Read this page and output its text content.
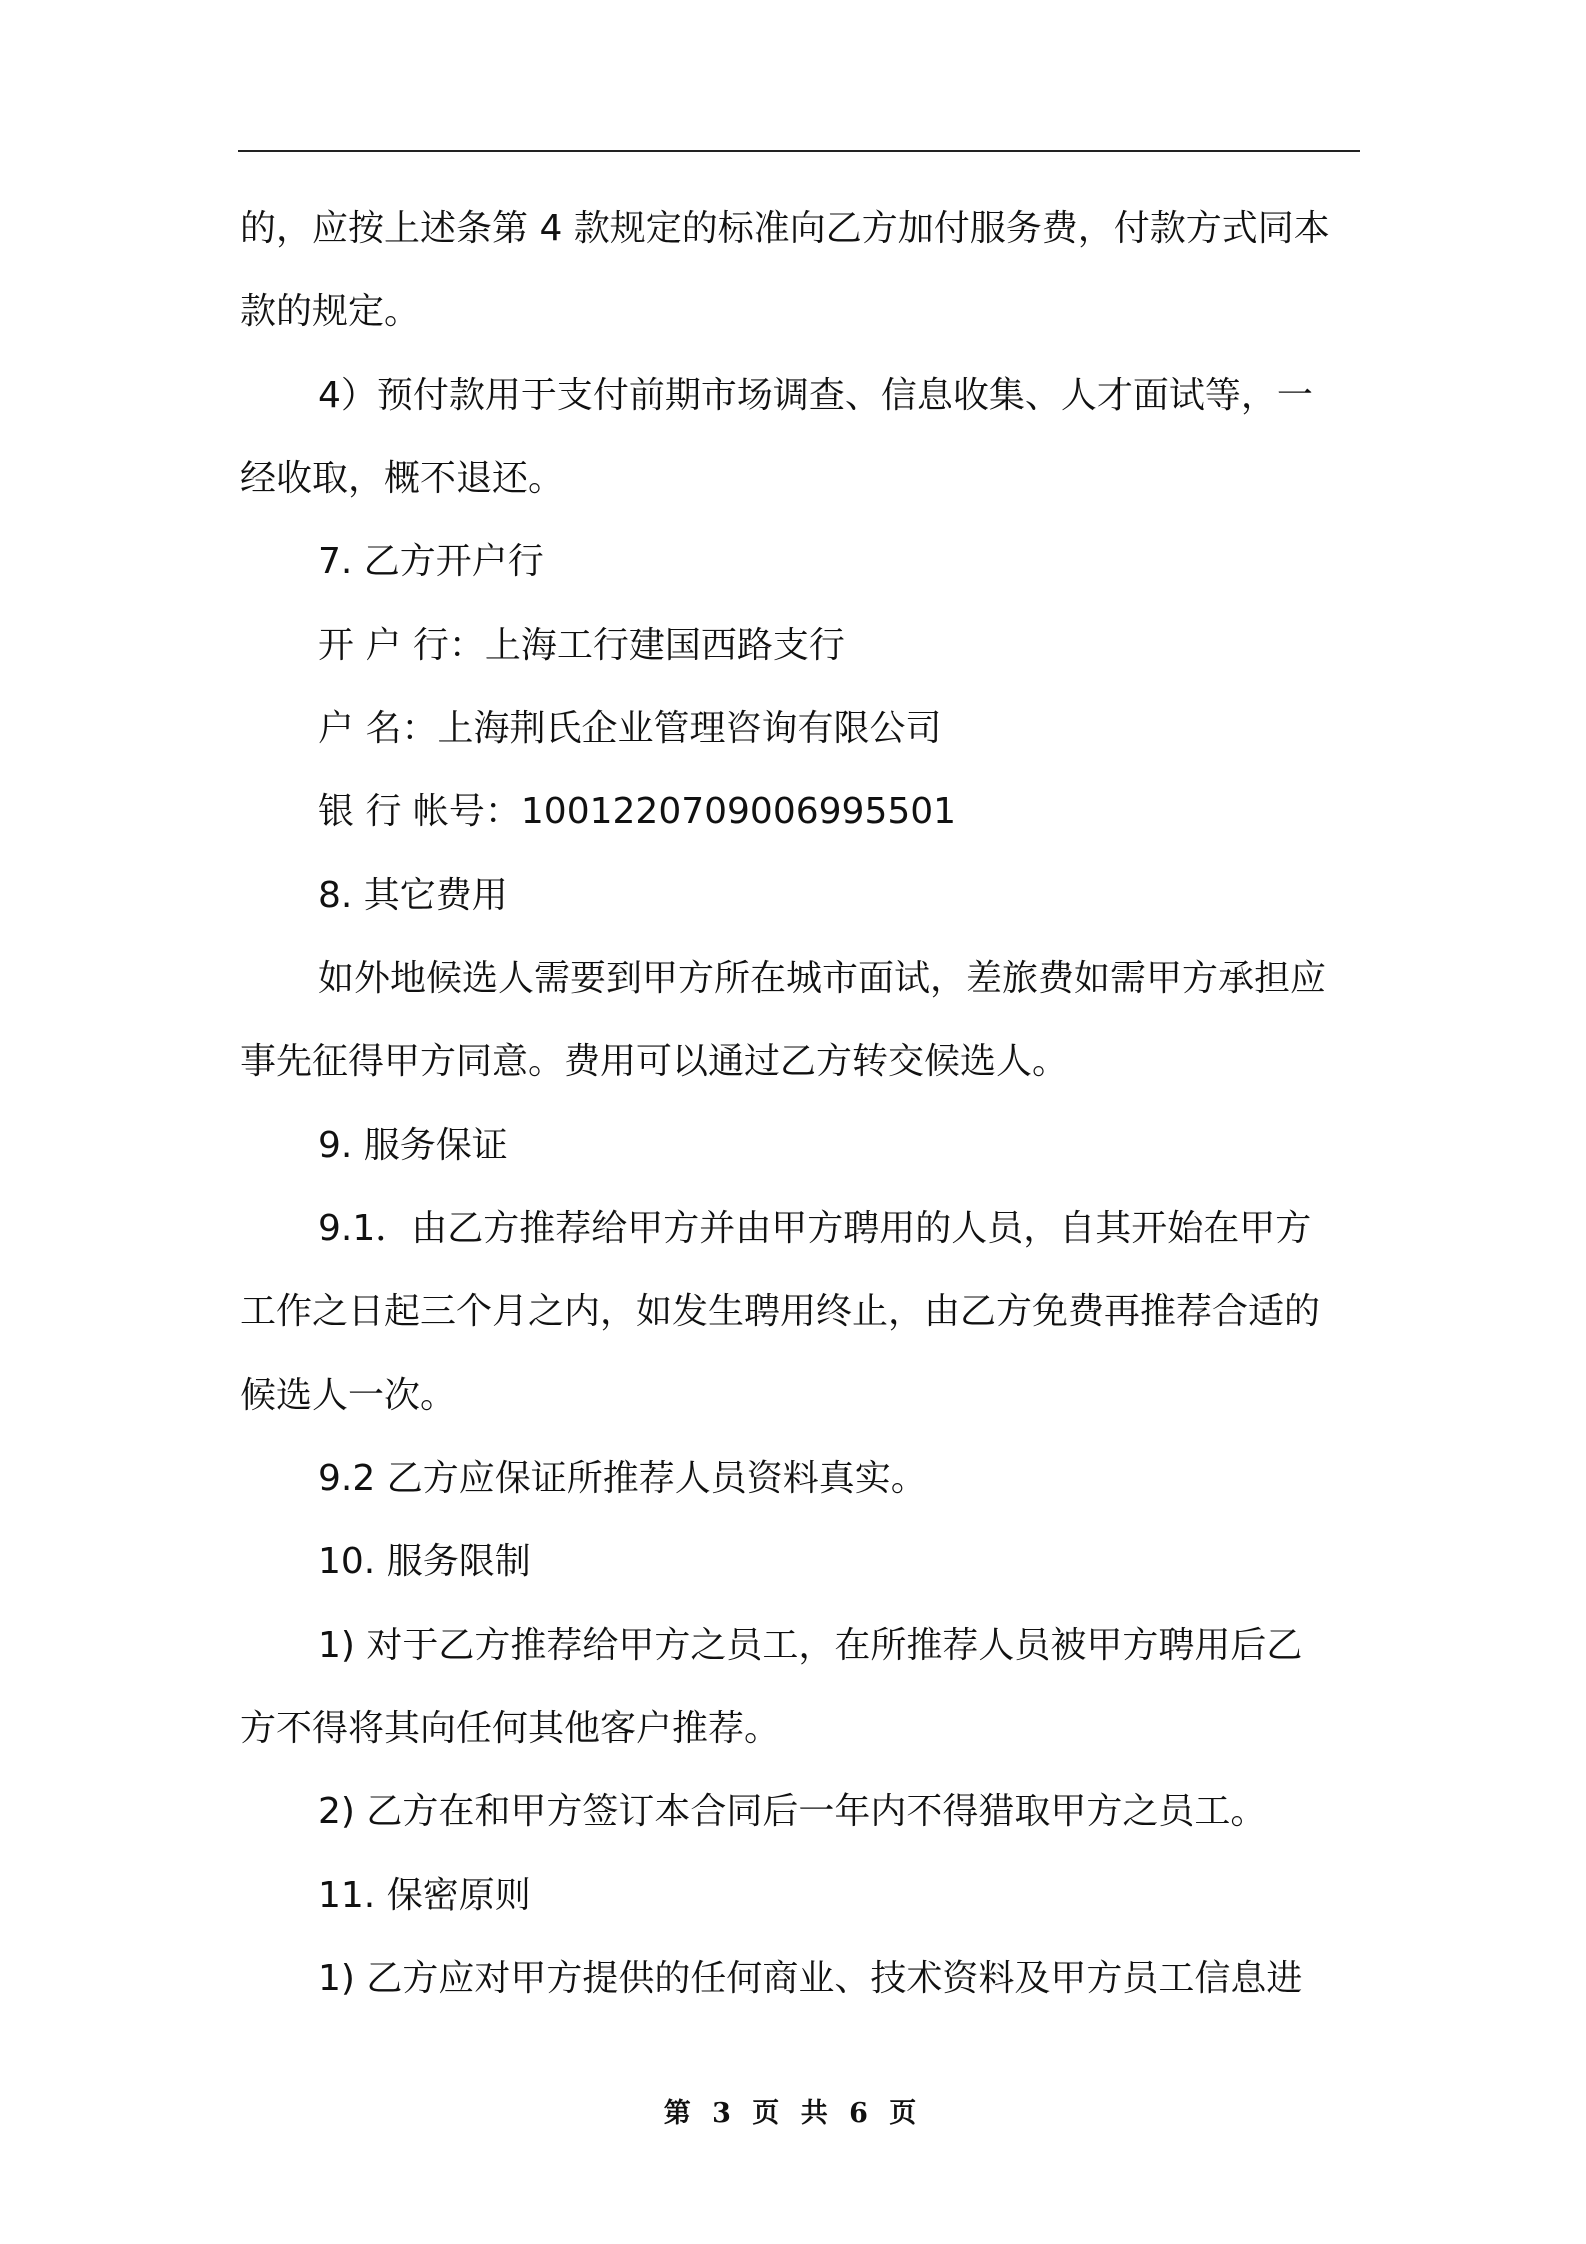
的，应按上述条第 4 款规定的标准向乙方加付服务费，付款方式同本
款的规定。
4）预付款用于支付前期市场调查、信息收集、人才面试等，一
经收取，概不退还。
7. 乙方开户行
开 户 行：上海工行建国西路支行
户 名：上海荆氏企业管理咨询有限公司
银 行 帐号：1001220709006995501
8. 其它费用
如外地候选人需要到甲方所在城市面试，差旅费如需甲方承担应
事先征得甲方同意。费用可以通过乙方转交候选人。
9. 服务保证
9.1．由乙方推荐给甲方并由甲方聘用的人员，自其开始在甲方
工作之日起三个月之内，如发生聘用终止，由乙方免费再推荐合适的
候选人一次。
9.2 乙方应保证所推荐人员资料真实。
10. 服务限制
1) 对于乙方推荐给甲方之员工，在所推荐人员被甲方聘用后乙
方不得将其向任何其他客户推荐。
2) 乙方在和甲方签订本合同后一年内不得猎取甲方之员工。
11. 保密原则
1) 乙方应对甲方提供的任何商业、技术资料及甲方员工信息进
第 3 页 共 6 页
